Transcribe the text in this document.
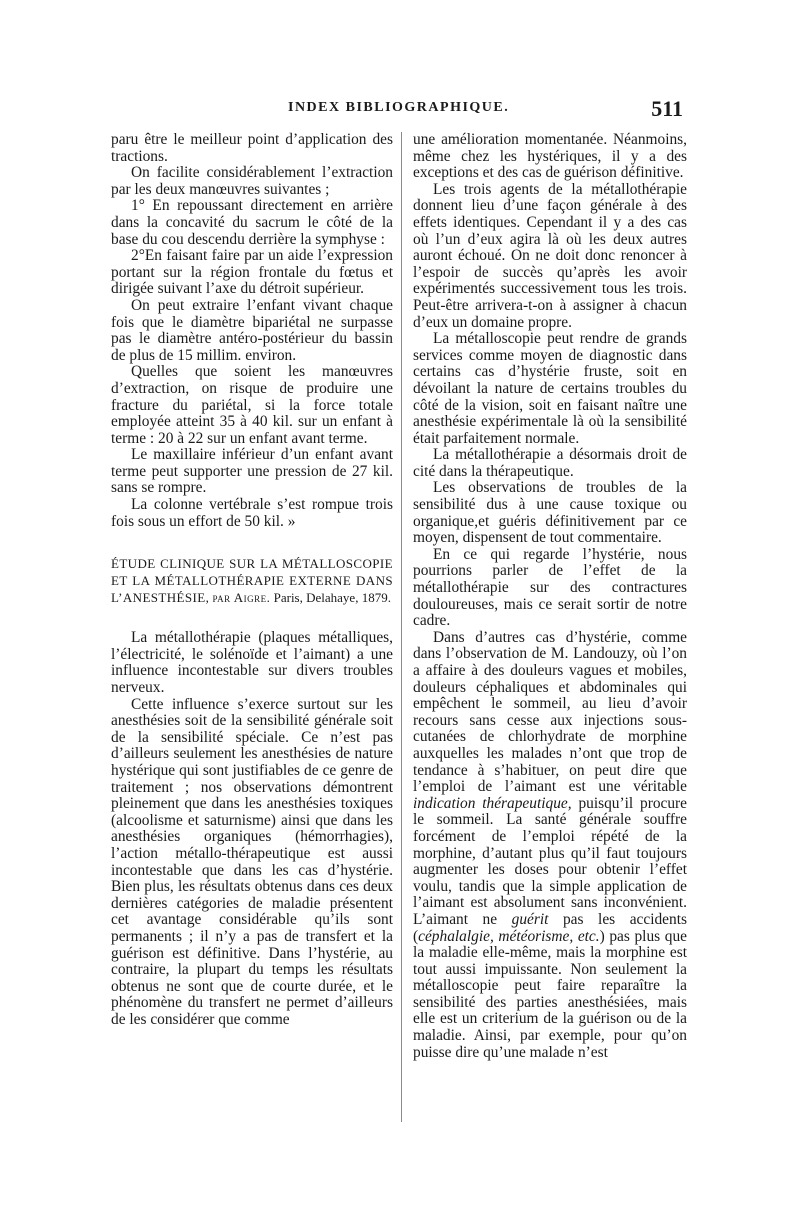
INDEX BIBLIOGRAPHIQUE.	511

paru être le meilleur point d’application des tractions.

On facilite considérablement l’extraction par les deux manœuvres suivantes ;

1° En repoussant directement en arrière dans la concavité du sacrum le côté de la base du cou descendu derrière la symphyse :

2°En faisant faire par un aide l’expression portant sur la région frontale du fœtus et dirigée suivant l’axe du détroit supérieur.

On peut extraire l’enfant vivant chaque fois que le diamètre bipariétal ne surpasse pas le diamètre antéro-postérieur du bassin de plus de 15 millim. environ.

Quelles que soient les manœuvres d’extraction, on risque de produire une fracture du pariétal, si la force totale employée atteint 35 à 40 kil. sur un enfant à terme : 20 à 22 sur un enfant avant terme.

Le maxillaire inférieur d’un enfant avant terme peut supporter une pression de 27 kil. sans se rompre.

La colonne vertébrale s’est rompue trois fois sous un effort de 50 kil. »

ÉTUDE CLINIQUE SUR LA MÉTALLOSCOPIE ET LA MÉTALLOTHÉRAPIE EXTERNE DANS L’ANESTHÉSIE, par Aigre. Paris, Delahaye, 1879.

La métallothérapie (plaques métalliques, l’électricité, le solénoïde et l’aimant) a une influence incontestable sur divers troubles nerveux.

Cette influence s’exerce surtout sur les anesthésies soit de la sensibilité générale soit de la sensibilité spéciale. Ce n’est pas d’ailleurs seulement les anesthésies de nature hystérique qui sont justifiables de ce genre de traitement ; nos observations démontrent pleinement que dans les anesthésies toxiques (alcoolisme et saturnisme) ainsi que dans les anesthésies organiques (hémorrhagies), l’action métallo-thérapeutique est aussi incontestable que dans les cas d’hystérie. Bien plus, les résultats obtenus dans ces deux dernières catégories de maladie présentent cet avantage considérable qu’ils sont permanents ; il n’y a pas de transfert et la guérison est définitive. Dans l’hystérie, au contraire, la plupart du temps les résultats obtenus ne sont que de courte durée, et le phénomène du transfert ne permet d’ailleurs de les considérer que comme

une amélioration momentanée. Néanmoins, même chez les hystériques, il y a des exceptions et des cas de guérison définitive.

Les trois agents de la métallothérapie donnent lieu d’une façon générale à des effets identiques. Cependant il y a des cas où l’un d’eux agira là où les deux autres auront échoué. On ne doit donc renoncer à l’espoir de succès qu’après les avoir expérimentés successivement tous les trois. Peut-être arrivera-t-on à assigner à chacun d’eux un domaine propre.

La métalloscopie peut rendre de grands services comme moyen de diagnostic dans certains cas d’hystérie fruste, soit en dévoilant la nature de certains troubles du côté de la vision, soit en faisant naître une anesthésie expérimentale là où la sensibilité était parfaitement normale.

La métallothérapie a désormais droit de cité dans la thérapeutique.

Les observations de troubles de la sensibilité dus à une cause toxique ou organique,et guéris définitivement par ce moyen, dispensent de tout commentaire.

En ce qui regarde l’hystérie, nous pourrions parler de l’effet de la métallothérapie sur des contractures douloureuses, mais ce serait sortir de notre cadre.

Dans d’autres cas d’hystérie, comme dans l’observation de M. Landouzy, où l’on a affaire à des douleurs vagues et mobiles, douleurs céphaliques et abdominales qui empêchent le sommeil, au lieu d’avoir recours sans cesse aux injections sous-cutanées de chlorhydrate de morphine auxquelles les malades n’ont que trop de tendance à s’habituer, on peut dire que l’emploi de l’aimant est une véritable indication thérapeutique, puisqu’il procure le sommeil. La santé générale souffre forcément de l’emploi répété de la morphine, d’autant plus qu’il faut toujours augmenter les doses pour obtenir l’effet voulu, tandis que la simple application de l’aimant est absolument sans inconvénient. L’aimant ne guérit pas les accidents (céphalalgie, météorisme, etc.) pas plus que la maladie elle-même, mais la morphine est tout aussi impuissante. Non seulement la métalloscopie peut faire reparaître la sensibilité des parties anesthésiées, mais elle est un criterium de la guérison ou de la maladie. Ainsi, par exemple, pour qu’on puisse dire qu’une malade n’est
